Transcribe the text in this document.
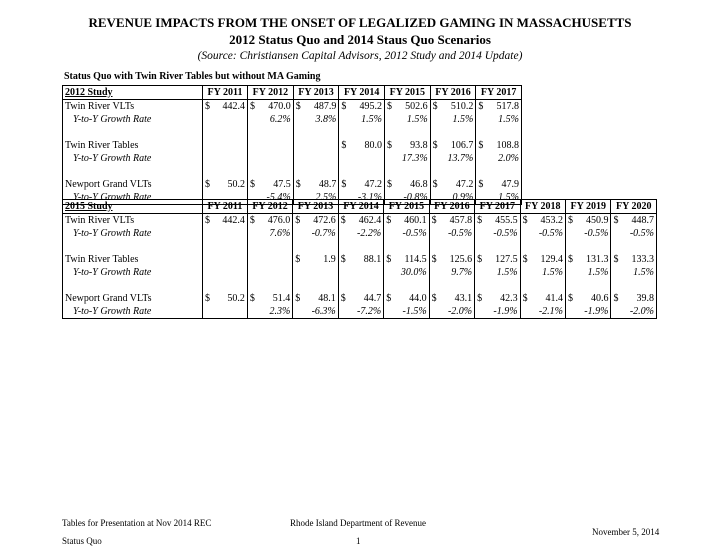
REVENUE IMPACTS FROM THE ONSET OF LEGALIZED GAMING IN MASSACHUSETTS
2012 Status Quo and 2014 Staus Quo Scenarios
(Source: Christiansen Capital Advisors, 2012 Study and 2014 Update)
Status Quo with Twin River Tables but without MA Gaming
2012 Study	FY 2011	FY 2012	FY 2013	FY 2014	FY 2015	FY 2016	FY 2017
Twin River VLTs	$ 442.4	$ 470.0	$ 487.9	$ 495.2	$ 502.6	$ 510.2	$ 517.8

Y-to-Y Growth Rate		6.2%	3.8%	1.5%	1.5%	1.5%	1.5%

Twin River Tables				$ 80.0	$ 93.8	$ 106.7	$ 108.8

Y-to-Y Growth Rate					17.3%	13.7%	2.0%

Newport Grand VLTs	$ 50.2	$ 47.5	$ 48.7	$ 47.2	$ 46.8	$ 47.2	$ 47.9

Y-to-Y Growth Rate		-5.4%	2.5%	-3.1%	-0.8%	0.9%	1.5%
2015 Study	FY 2011	FY 2012	FY 2013	FY 2014	FY 2015	FY 2016	FY 2017	FY 2018	FY 2019	FY 2020
Twin River VLTs	$ 442.4	$ 476.0	$ 472.6	$ 462.4	$ 460.1	$ 457.8	$ 455.5	$ 453.2	$ 450.9	$ 448.7

Y-to-Y Growth Rate		7.6%	-0.7%	-2.2%	-0.5%	-0.5%	-0.5%	-0.5%	-0.5%	-0.5%

Twin River Tables			$ 1.9	$ 88.1	$ 114.5	$ 125.6	$ 127.5	$ 129.4	$ 131.3	$ 133.3

Y-to-Y Growth Rate					30.0%	9.7%	1.5%	1.5%	1.5%	1.5%

Newport Grand VLTs	$ 50.2	$ 51.4	$ 48.1	$ 44.7	$ 44.0	$ 43.1	$ 42.3	$ 41.4	$ 40.6	$ 39.8

Y-to-Y Growth Rate		2.3%	-6.3%	-7.2%	-1.5%	-2.0%	-1.9%	-2.1%	-1.9%	-2.0%
Tables for Presentation at Nov 2014 REC
Status Quo
Rhode Island Department of Revenue
1
November 5, 2014
